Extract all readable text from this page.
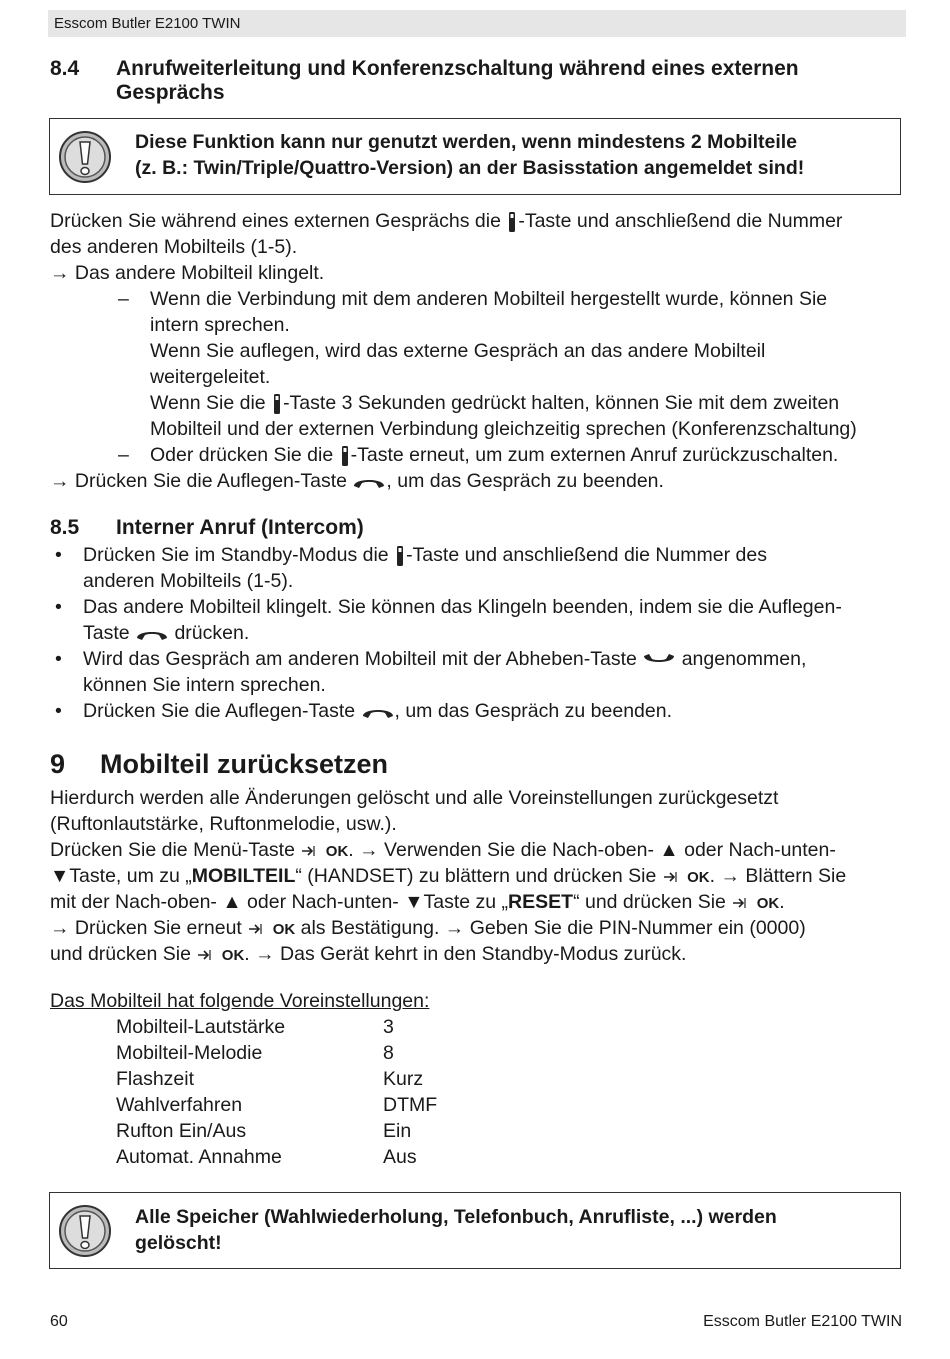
Esscom Butler E2100 TWIN
8.4 Anrufweiterleitung und Konferenzschaltung während eines externen Gesprächs
Diese Funktion kann nur genutzt werden, wenn mindestens 2 Mobilteile
(z. B.: Twin/Triple/Quattro-Version) an der Basisstation angemeldet sind!
Drücken Sie während eines externen Gesprächs die -Taste und anschließend die Nummer
des anderen Mobilteils (1-5).
→ Das andere Mobilteil klingelt.
– Wenn die Verbindung mit dem anderen Mobilteil hergestellt wurde, können Sie
intern sprechen.
Wenn Sie auflegen, wird das externe Gespräch an das andere Mobilteil
weitergeleitet.
Wenn Sie die -Taste 3 Sekunden gedrückt halten, können Sie mit dem zweiten
Mobilteil und der externen Verbindung gleichzeitig sprechen (Konferenzschaltung)
– Oder drücken Sie die -Taste erneut, um zum externen Anruf zurückzuschalten.
→ Drücken Sie die Auflegen-Taste , um das Gespräch zu beenden.
8.5 Interner Anruf (Intercom)
• Drücken Sie im Standby-Modus die -Taste und anschließend die Nummer des
anderen Mobilteils (1-5).
• Das andere Mobilteil klingelt. Sie können das Klingeln beenden, indem sie die Auflegen-
Taste drücken.
• Wird das Gespräch am anderen Mobilteil mit der Abheben-Taste angenommen,
können Sie intern sprechen.
• Drücken Sie die Auflegen-Taste , um das Gespräch zu beenden.
9 Mobilteil zurücksetzen
Hierdurch werden alle Änderungen gelöscht und alle Voreinstellungen zurückgesetzt
(Ruftonlautstärke, Ruftonmelodie, usw.).
Drücken Sie die Menü-Taste OK. → Verwenden Sie die Nach-oben- ▲ oder Nach-unten-
▼Taste, um zu „MOBILTEIL“ (HANDSET) zu blättern und drücken Sie OK. → Blättern Sie
mit der Nach-oben- ▲ oder Nach-unten- ▼Taste zu „RESET“ und drücken Sie OK.
→ Drücken Sie erneut OK als Bestätigung. → Geben Sie die PIN-Nummer ein (0000)
und drücken Sie OK. → Das Gerät kehrt in den Standby-Modus zurück.
Das Mobilteil hat folgende Voreinstellungen:
Mobilteil-Lautstärke	3
Mobilteil-Melodie	8
Flashzeit	Kurz
Wahlverfahren	DTMF
Rufton Ein/Aus	Ein
Automat. Annahme	Aus
Alle Speicher (Wahlwiederholung, Telefonbuch, Anrufliste, ...) werden
gelöscht!
60	Esscom Butler E2100 TWIN
